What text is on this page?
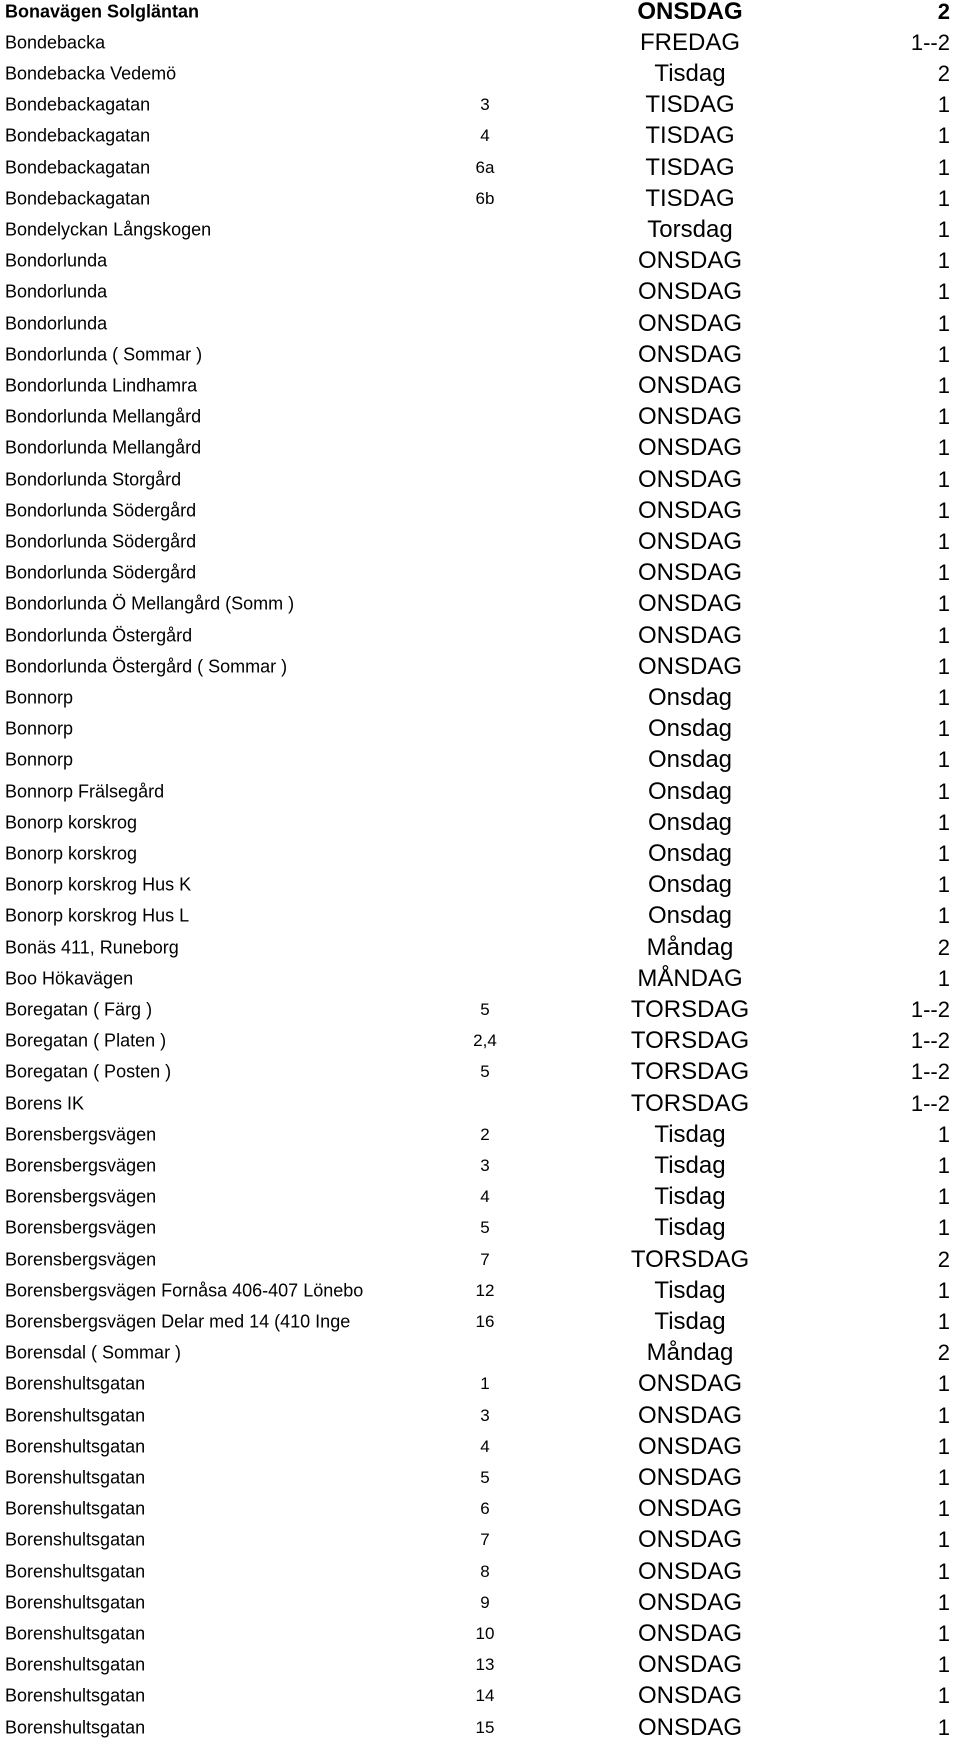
Bonavägen Solgläntan	ONSDAG	2
Bondebacka	FREDAG	1--2
Bondebacka Vedemö	Tisdag	2
Bondebackagatan	3	TISDAG	1
Bondebackagatan	4	TISDAG	1
Bondebackagatan	6a	TISDAG	1
Bondebackagatan	6b	TISDAG	1
Bondelyckan Långskogen	Torsdag	1
Bondorlunda	ONSDAG	1
Bondorlunda	ONSDAG	1
Bondorlunda	ONSDAG	1
Bondorlunda ( Sommar )	ONSDAG	1
Bondorlunda Lindhamra	ONSDAG	1
Bondorlunda Mellangård	ONSDAG	1
Bondorlunda Mellangård	ONSDAG	1
Bondorlunda Storgård	ONSDAG	1
Bondorlunda Södergård	ONSDAG	1
Bondorlunda Södergård	ONSDAG	1
Bondorlunda Södergård	ONSDAG	1
Bondorlunda Ö Mellangård (Somm )	ONSDAG	1
Bondorlunda Östergård	ONSDAG	1
Bondorlunda Östergård ( Sommar )	ONSDAG	1
Bonnorp	Onsdag	1
Bonnorp	Onsdag	1
Bonnorp	Onsdag	1
Bonnorp Frälsegård	Onsdag	1
Bonorp korskrog	Onsdag	1
Bonorp korskrog	Onsdag	1
Bonorp korskrog Hus K	Onsdag	1
Bonorp korskrog Hus L	Onsdag	1
Bonäs 411, Runeborg	Måndag	2
Boo Hökavägen	MÅNDAG	1
Boregatan ( Färg )	5	TORSDAG	1--2
Boregatan ( Platen )	2,4	TORSDAG	1--2
Boregatan ( Posten )	5	TORSDAG	1--2
Borens IK	TORSDAG	1--2
Borensbergsvägen	2	Tisdag	1
Borensbergsvägen	3	Tisdag	1
Borensbergsvägen	4	Tisdag	1
Borensbergsvägen	5	Tisdag	1
Borensbergsvägen	7	TORSDAG	2
Borensbergsvägen Fornåsa 406-407 Lönebo	12	Tisdag	1
Borensbergsvägen Delar med 14 (410 Inge	16	Tisdag	1
Borensdal ( Sommar )	Måndag	2
Borenshultsgatan	1	ONSDAG	1
Borenshultsgatan	3	ONSDAG	1
Borenshultsgatan	4	ONSDAG	1
Borenshultsgatan	5	ONSDAG	1
Borenshultsgatan	6	ONSDAG	1
Borenshultsgatan	7	ONSDAG	1
Borenshultsgatan	8	ONSDAG	1
Borenshultsgatan	9	ONSDAG	1
Borenshultsgatan	10	ONSDAG	1
Borenshultsgatan	13	ONSDAG	1
Borenshultsgatan	14	ONSDAG	1
Borenshultsgatan	15	ONSDAG	1
